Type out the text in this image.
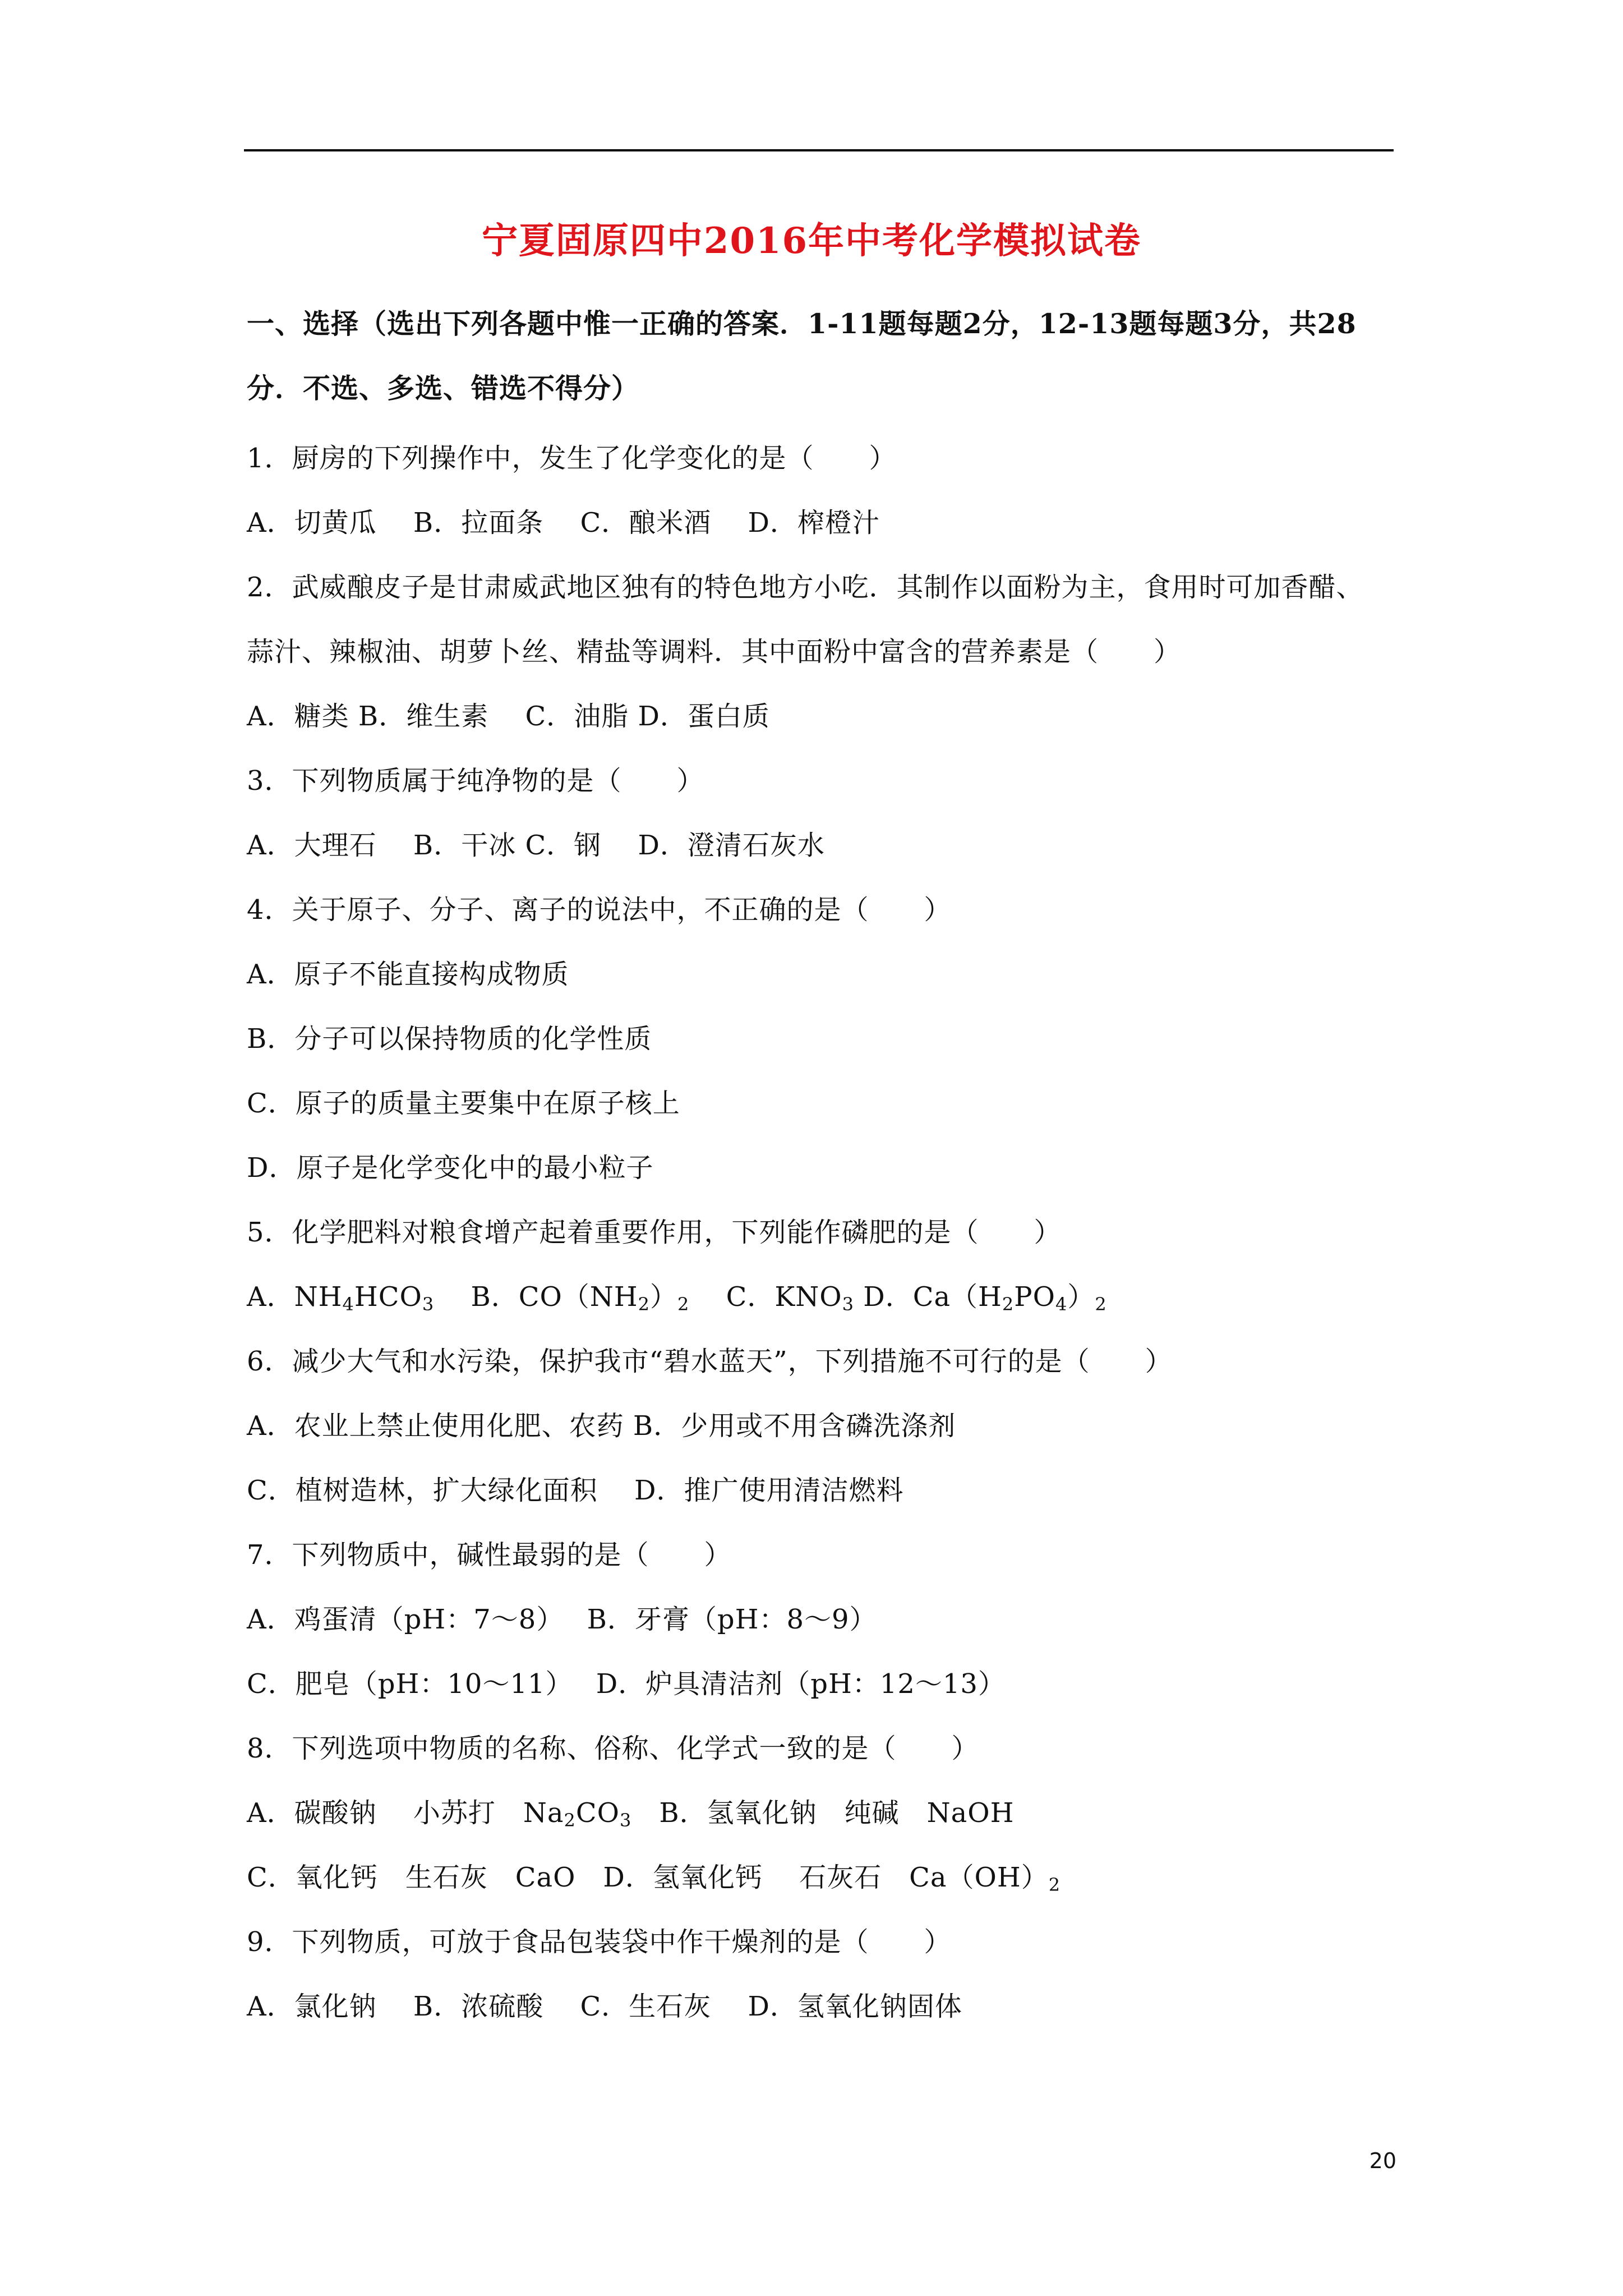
宁夏固原四中2016年中考化学模拟试卷
一、选择（选出下列各题中惟一正确的答案．1-11题每题2分，12-13题每题3分，共28
分．不选、多选、错选不得分）
1．厨房的下列操作中，发生了化学变化的是（　　）
A．切黄瓜　 B．拉面条　 C．酿米酒　 D．榨橙汁
2．武威酿皮子是甘肃威武地区独有的特色地方小吃．其制作以面粉为主，食用时可加香醋、
蒜汁、辣椒油、胡萝卜丝、精盐等调料．其中面粉中富含的营养素是（　　）
A．糖类 B．维生素　 C．油脂 D．蛋白质
3．下列物质属于纯净物的是（　　）
A．大理石　 B．干冰 C．钢　 D．澄清石灰水
4．关于原子、分子、离子的说法中，不正确的是（　　）
A．原子不能直接构成物质
B．分子可以保持物质的化学性质
C．原子的质量主要集中在原子核上
D．原子是化学变化中的最小粒子
5．化学肥料对粮食增产起着重要作用，下列能作磷肥的是（　　）
A．$NH_4HCO_3$　 B．$CO(NH_2)_2$　 C．$KNO_3$ D．$Ca(H_2PO_4)_2$
6．减少大气和水污染，保护我市“碧水蓝天”，下列措施不可行的是（　　）
A．农业上禁止使用化肥、农药 B．少用或不用含磷洗涤剂
C．植树造林，扩大绿化面积　 D．推广使用清洁燃料
7．下列物质中，碱性最弱的是（　　）
A．鸡蛋清（pH：7～8）　 B．牙膏（pH：8～9）
C．肥皂（pH：10～11）　 D．炉具清洁剂（pH：12～13）
8．下列选项中物质的名称、俗称、化学式一致的是（　　）
A．碳酸钠　 小苏打　$Na_2CO_3$　B．氢氧化钠　纯碱　NaOH
C．氧化钙　生石灰　CaO　D．氢氧化钙　 石灰石　$Ca(OH)_2$
9．下列物质，可放于食品包装袋中作干燥剂的是（　　）
A．氯化钠　 B．浓硫酸　 C．生石灰　 D．氢氧化钠固体
20
